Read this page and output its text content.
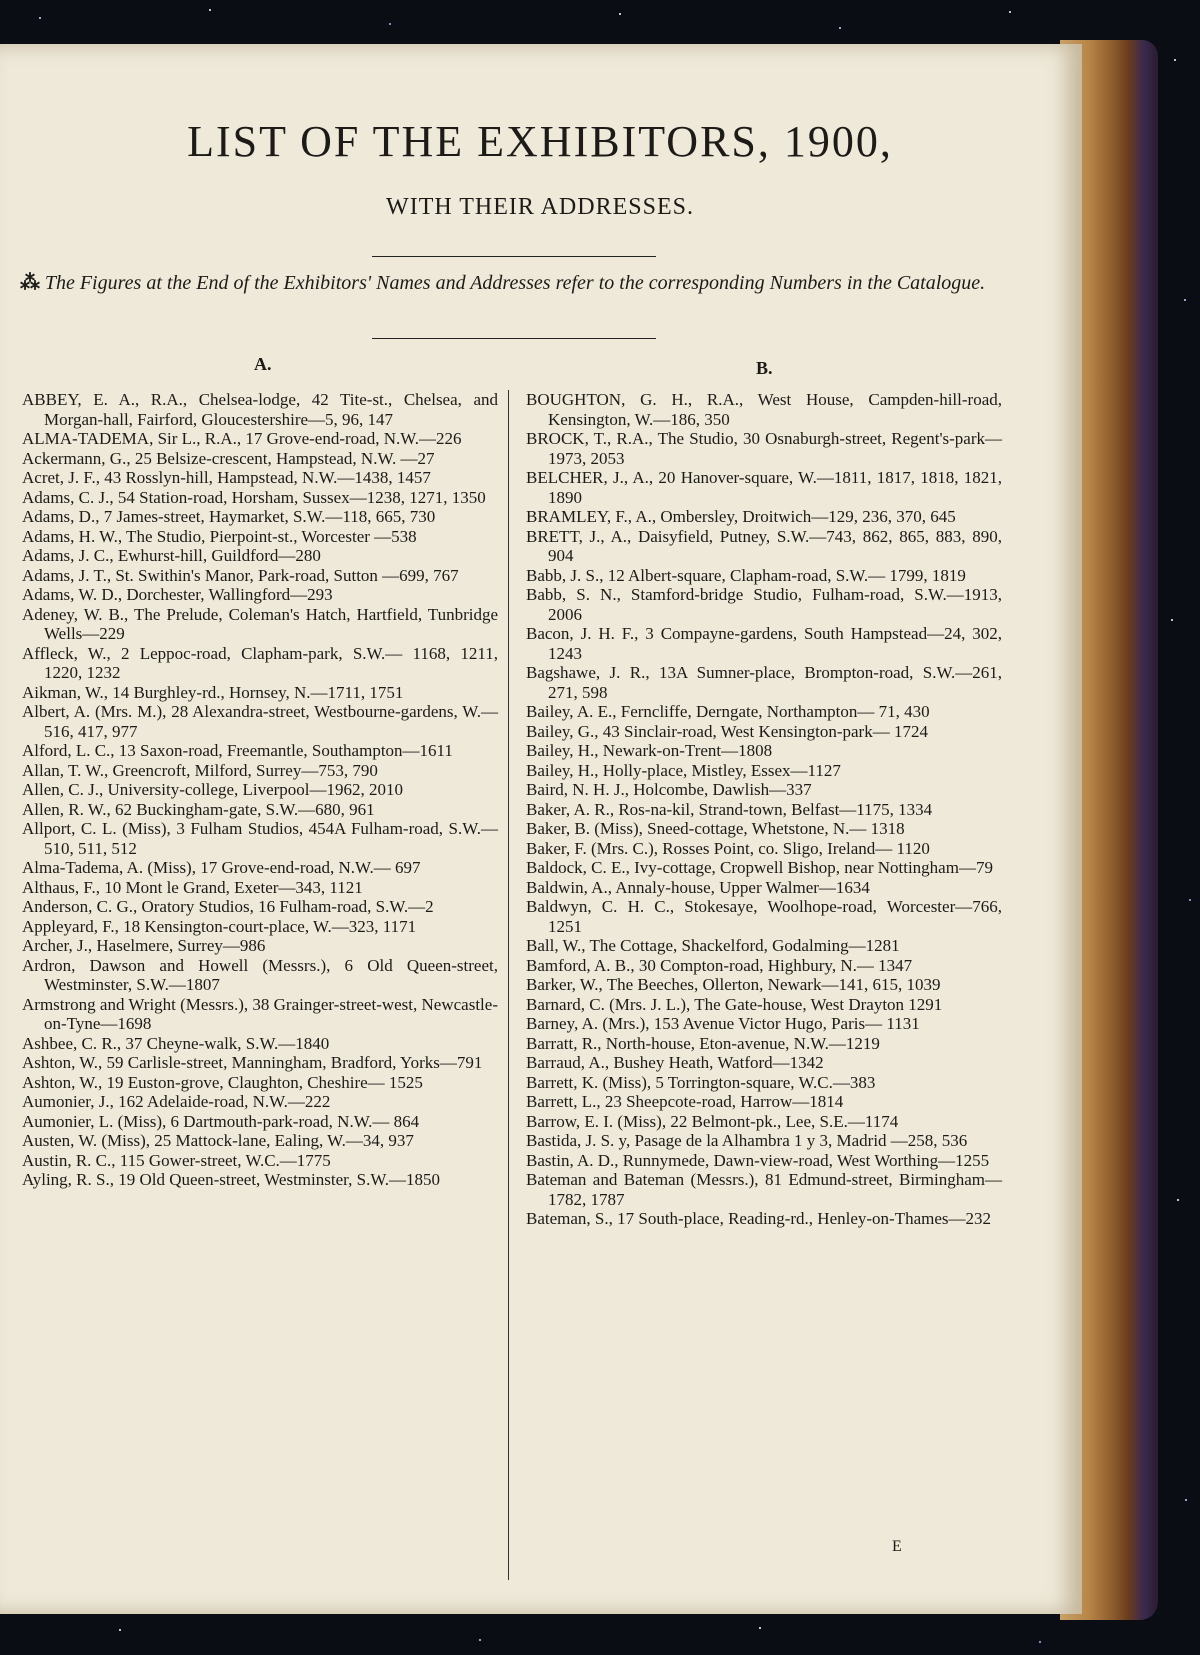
LIST OF THE EXHIBITORS, 1900,
WITH THEIR ADDRESSES.
⁂ The Figures at the End of the Exhibitors' Names and Addresses refer to the corresponding Numbers in the Catalogue.
A.	B.
ABBEY, E. A., R.A., Chelsea-lodge, 42 Tite-st., Chelsea, and Morgan-hall, Fairford, Gloucestershire—5, 96, 147
ALMA-TADEMA, Sir L., R.A., 17 Grove-end-road, N.W.—226
Ackermann, G., 25 Belsize-crescent, Hampstead, N.W. —27
Acret, J. F., 43 Rosslyn-hill, Hampstead, N.W.—1438, 1457
Adams, C. J., 54 Station-road, Horsham, Sussex—1238, 1271, 1350
Adams, D., 7 James-street, Haymarket, S.W.—118, 665, 730
Adams, H. W., The Studio, Pierpoint-st., Worcester —538
Adams, J. C., Ewhurst-hill, Guildford—280
Adams, J. T., St. Swithin's Manor, Park-road, Sutton —699, 767
Adams, W. D., Dorchester, Wallingford—293
Adeney, W. B., The Prelude, Coleman's Hatch, Hartfield, Tunbridge Wells—229
Affleck, W., 2 Leppoc-road, Clapham-park, S.W.— 1168, 1211, 1220, 1232
Aikman, W., 14 Burghley-rd., Hornsey, N.—1711, 1751
Albert, A. (Mrs. M.), 28 Alexandra-street, Westbourne-gardens, W.—516, 417, 977
Alford, L. C., 13 Saxon-road, Freemantle, Southampton—1611
Allan, T. W., Greencroft, Milford, Surrey—753, 790
Allen, C. J., University-college, Liverpool—1962, 2010
Allen, R. W., 62 Buckingham-gate, S.W.—680, 961
Allport, C. L. (Miss), 3 Fulham Studios, 454A Fulham-road, S.W.—510, 511, 512
Alma-Tadema, A. (Miss), 17 Grove-end-road, N.W.— 697
Althaus, F., 10 Mont le Grand, Exeter—343, 1121
Anderson, C. G., Oratory Studios, 16 Fulham-road, S.W.—2
Appleyard, F., 18 Kensington-court-place, W.—323, 1171
Archer, J., Haselmere, Surrey—986
Ardron, Dawson and Howell (Messrs.), 6 Old Queen-street, Westminster, S.W.—1807
Armstrong and Wright (Messrs.), 38 Grainger-street-west, Newcastle-on-Tyne—1698
Ashbee, C. R., 37 Cheyne-walk, S.W.—1840
Ashton, W., 59 Carlisle-street, Manningham, Bradford, Yorks—791
Ashton, W., 19 Euston-grove, Claughton, Cheshire— 1525
Aumonier, J., 162 Adelaide-road, N.W.—222
Aumonier, L. (Miss), 6 Dartmouth-park-road, N.W.— 864
Austen, W. (Miss), 25 Mattock-lane, Ealing, W.—34, 937
Austin, R. C., 115 Gower-street, W.C.—1775
Ayling, R. S., 19 Old Queen-street, Westminster, S.W.—1850
BOUGHTON, G. H., R.A., West House, Campden-hill-road, Kensington, W.—186, 350
BROCK, T., R.A., The Studio, 30 Osnaburgh-street, Regent's-park—1973, 2053
BELCHER, J., A., 20 Hanover-square, W.—1811, 1817, 1818, 1821, 1890
BRAMLEY, F., A., Ombersley, Droitwich—129, 236, 370, 645
BRETT, J., A., Daisyfield, Putney, S.W.—743, 862, 865, 883, 890, 904
Babb, J. S., 12 Albert-square, Clapham-road, S.W.— 1799, 1819
Babb, S. N., Stamford-bridge Studio, Fulham-road, S.W.—1913, 2006
Bacon, J. H. F., 3 Compayne-gardens, South Hampstead—24, 302, 1243
Bagshawe, J. R., 13A Sumner-place, Brompton-road, S.W.—261, 271, 598
Bailey, A. E., Ferncliffe, Derngate, Northampton— 71, 430
Bailey, G., 43 Sinclair-road, West Kensington-park— 1724
Bailey, H., Newark-on-Trent—1808
Bailey, H., Holly-place, Mistley, Essex—1127
Baird, N. H. J., Holcombe, Dawlish—337
Baker, A. R., Ros-na-kil, Strand-town, Belfast—1175, 1334
Baker, B. (Miss), Sneed-cottage, Whetstone, N.— 1318
Baker, F. (Mrs. C.), Rosses Point, co. Sligo, Ireland— 1120
Baldock, C. E., Ivy-cottage, Cropwell Bishop, near Nottingham—79
Baldwin, A., Annaly-house, Upper Walmer—1634
Baldwyn, C. H. C., Stokesaye, Woolhope-road, Worcester—766, 1251
Ball, W., The Cottage, Shackelford, Godalming—1281
Bamford, A. B., 30 Compton-road, Highbury, N.— 1347
Barker, W., The Beeches, Ollerton, Newark—141, 615, 1039
Barnard, C. (Mrs. J. L.), The Gate-house, West Drayton 1291
Barney, A. (Mrs.), 153 Avenue Victor Hugo, Paris— 1131
Barratt, R., North-house, Eton-avenue, N.W.—1219
Barraud, A., Bushey Heath, Watford—1342
Barrett, K. (Miss), 5 Torrington-square, W.C.—383
Barrett, L., 23 Sheepcote-road, Harrow—1814
Barrow, E. I. (Miss), 22 Belmont-pk., Lee, S.E.—1174
Bastida, J. S. y, Pasage de la Alhambra 1 y 3, Madrid —258, 536
Bastin, A. D., Runnymede, Dawn-view-road, West Worthing—1255
Bateman and Bateman (Messrs.), 81 Edmund-street, Birmingham—1782, 1787
Bateman, S., 17 South-place, Reading-rd., Henley-on-Thames—232
E
